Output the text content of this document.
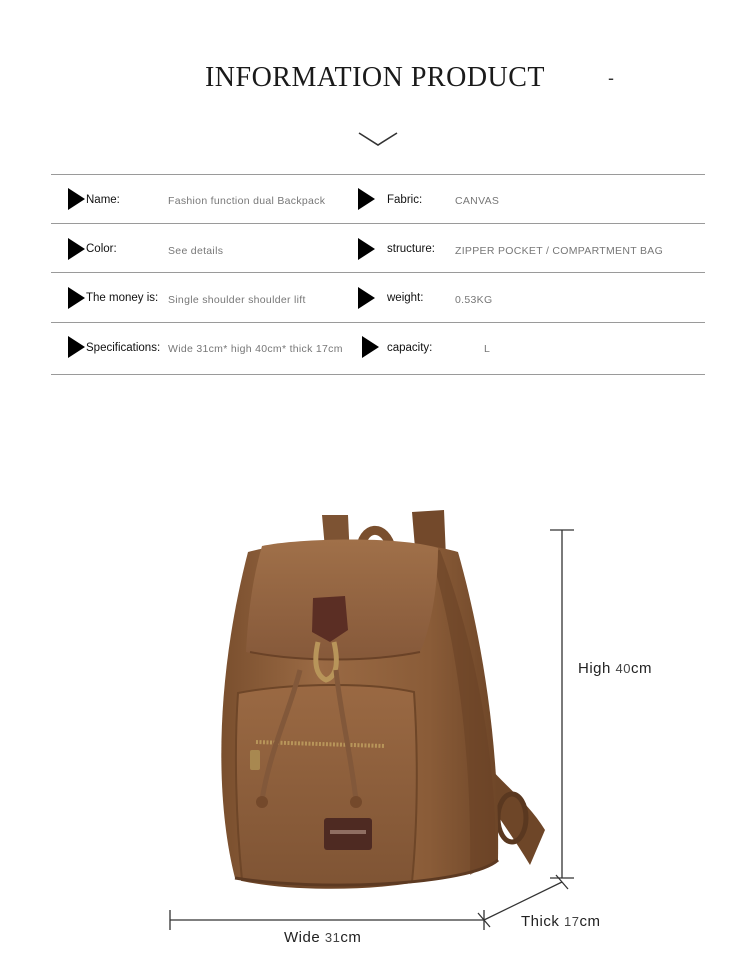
INFORMATION PRODUCT	-
Name:	Fashion function dual Backpack	Fabric:	CANVAS
Color:	See details	structure: ZIPPER POCKET / COMPARTMENT BAG
The money is: Single shoulder shoulder lift	weight:	0.53KG
Specifications: Wide 31cm* high 40cm* thick 17cm	capacity:	L
High 40cm
Wide 31cm
Thick 17cm
